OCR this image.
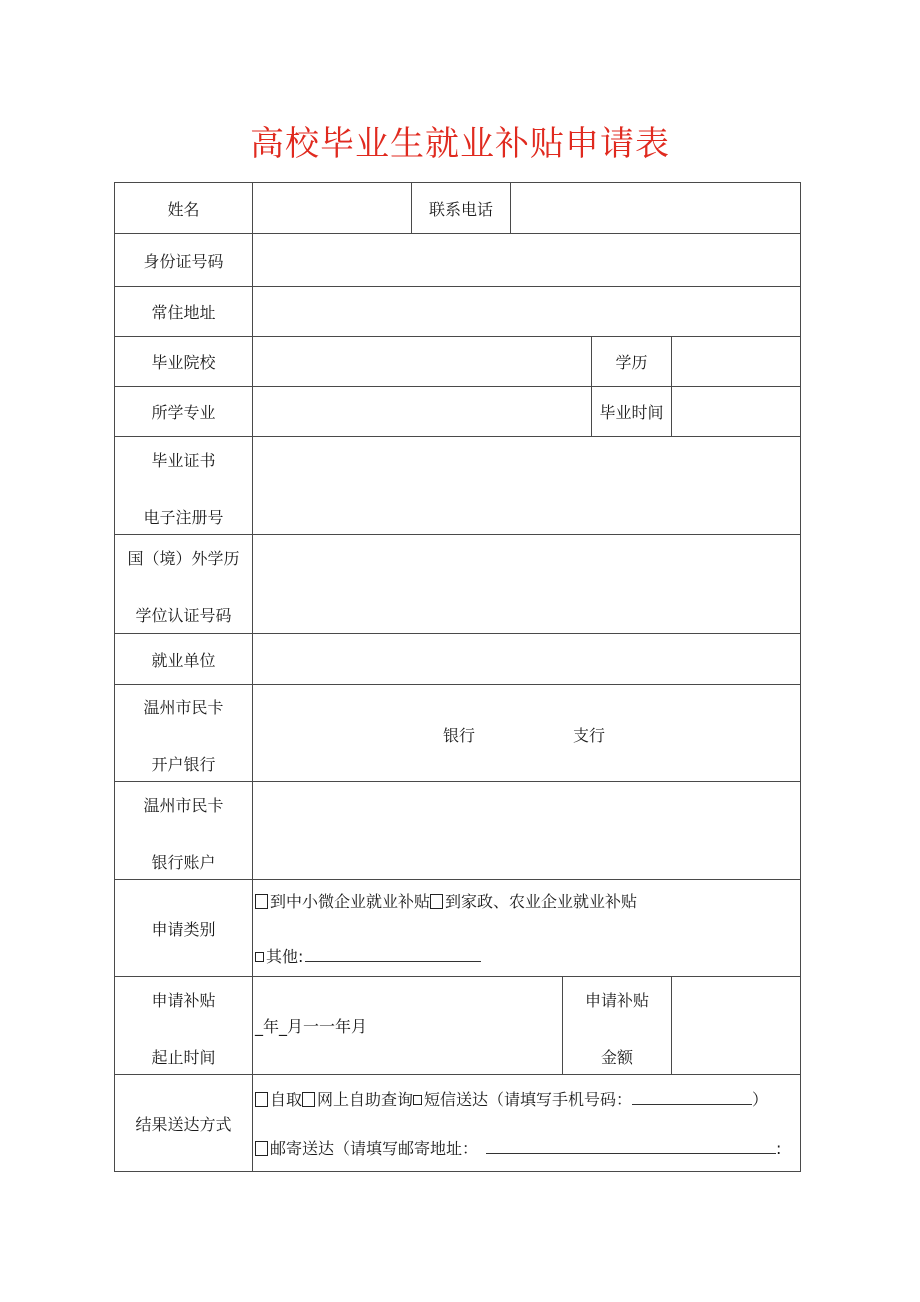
高校毕业生就业补贴申请表
姓名		联系电话				
身份证号码						
常住地址						
毕业院校					学历	
所学专业					毕业时间	

毕业证书
电子注册号						

国（境）外学历
学位认证号码						

就业单位						

温州市民卡
开户银行	银行 支行					

温州市民卡
银行账户						

申请类别	到中小微企业就业补贴 到家政、农业企业就业补贴
其他:					

申请补贴
起止时间	_年_月一一年月			申请补贴
金额		

结果送达方式	自取 网上自助查询 短信送达（请填写手机号码： ）
邮寄送达（请填写邮寄地址： :					
